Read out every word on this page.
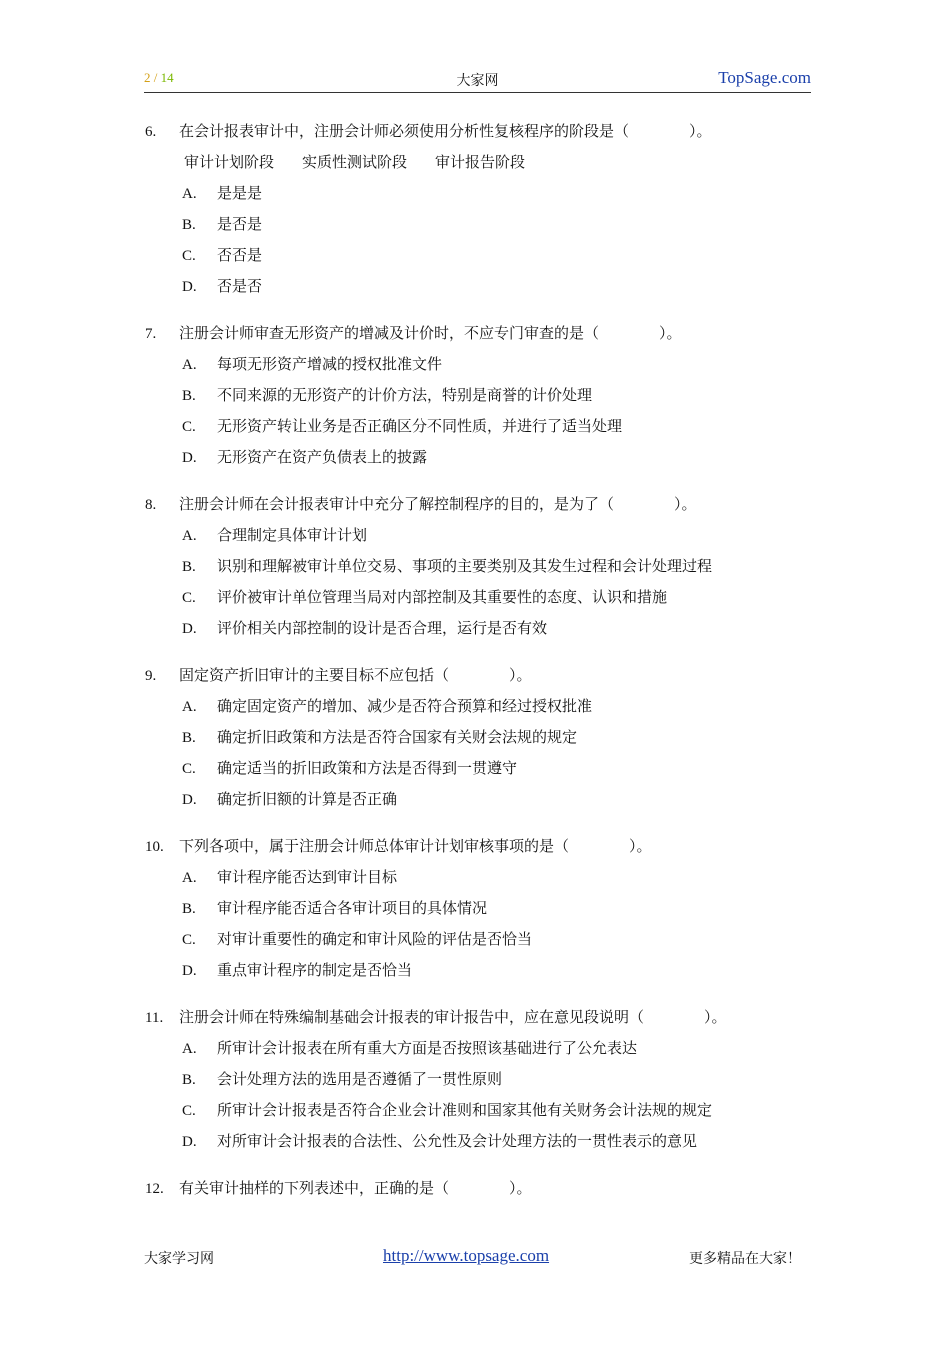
2 / 14	大家网	TopSage.com
6. 在会计报表审计中，注册会计师必须使用分析性复核程序的阶段是（　　　　）。
审计计划阶段 实质性测试阶段 审计报告阶段
A. 是是是
B. 是否是
C. 否否是
D. 否是否
7. 注册会计师审查无形资产的增减及计价时，不应专门审查的是（　　　　）。
A. 每项无形资产增减的授权批准文件
B. 不同来源的无形资产的计价方法，特别是商誉的计价处理
C. 无形资产转让业务是否正确区分不同性质，并进行了适当处理
D. 无形资产在资产负债表上的披露
8. 注册会计师在会计报表审计中充分了解控制程序的目的，是为了（　　　　）。
A. 合理制定具体审计计划
B. 识别和理解被审计单位交易、事项的主要类别及其发生过程和会计处理过程
C. 评价被审计单位管理当局对内部控制及其重要性的态度、认识和措施
D. 评价相关内部控制的设计是否合理，运行是否有效
9. 固定资产折旧审计的主要目标不应包括（　　　　）。
A. 确定固定资产的增加、减少是否符合预算和经过授权批准
B. 确定折旧政策和方法是否符合国家有关财会法规的规定
C. 确定适当的折旧政策和方法是否得到一贯遵守
D. 确定折旧额的计算是否正确
10. 下列各项中，属于注册会计师总体审计计划审核事项的是（　　　　）。
A. 审计程序能否达到审计目标
B. 审计程序能否适合各审计项目的具体情况
C. 对审计重要性的确定和审计风险的评估是否恰当
D. 重点审计程序的制定是否恰当
11. 注册会计师在特殊编制基础会计报表的审计报告中，应在意见段说明（　　　　）。
A. 所审计会计报表在所有重大方面是否按照该基础进行了公允表达
B. 会计处理方法的选用是否遵循了一贯性原则
C. 所审计会计报表是否符合企业会计准则和国家其他有关财务会计法规的规定
D. 对所审计会计报表的合法性、公允性及会计处理方法的一贯性表示的意见
12. 有关审计抽样的下列表述中，正确的是（　　　　）。
大家学习网	http://www.topsage.com	更多精品在大家！
